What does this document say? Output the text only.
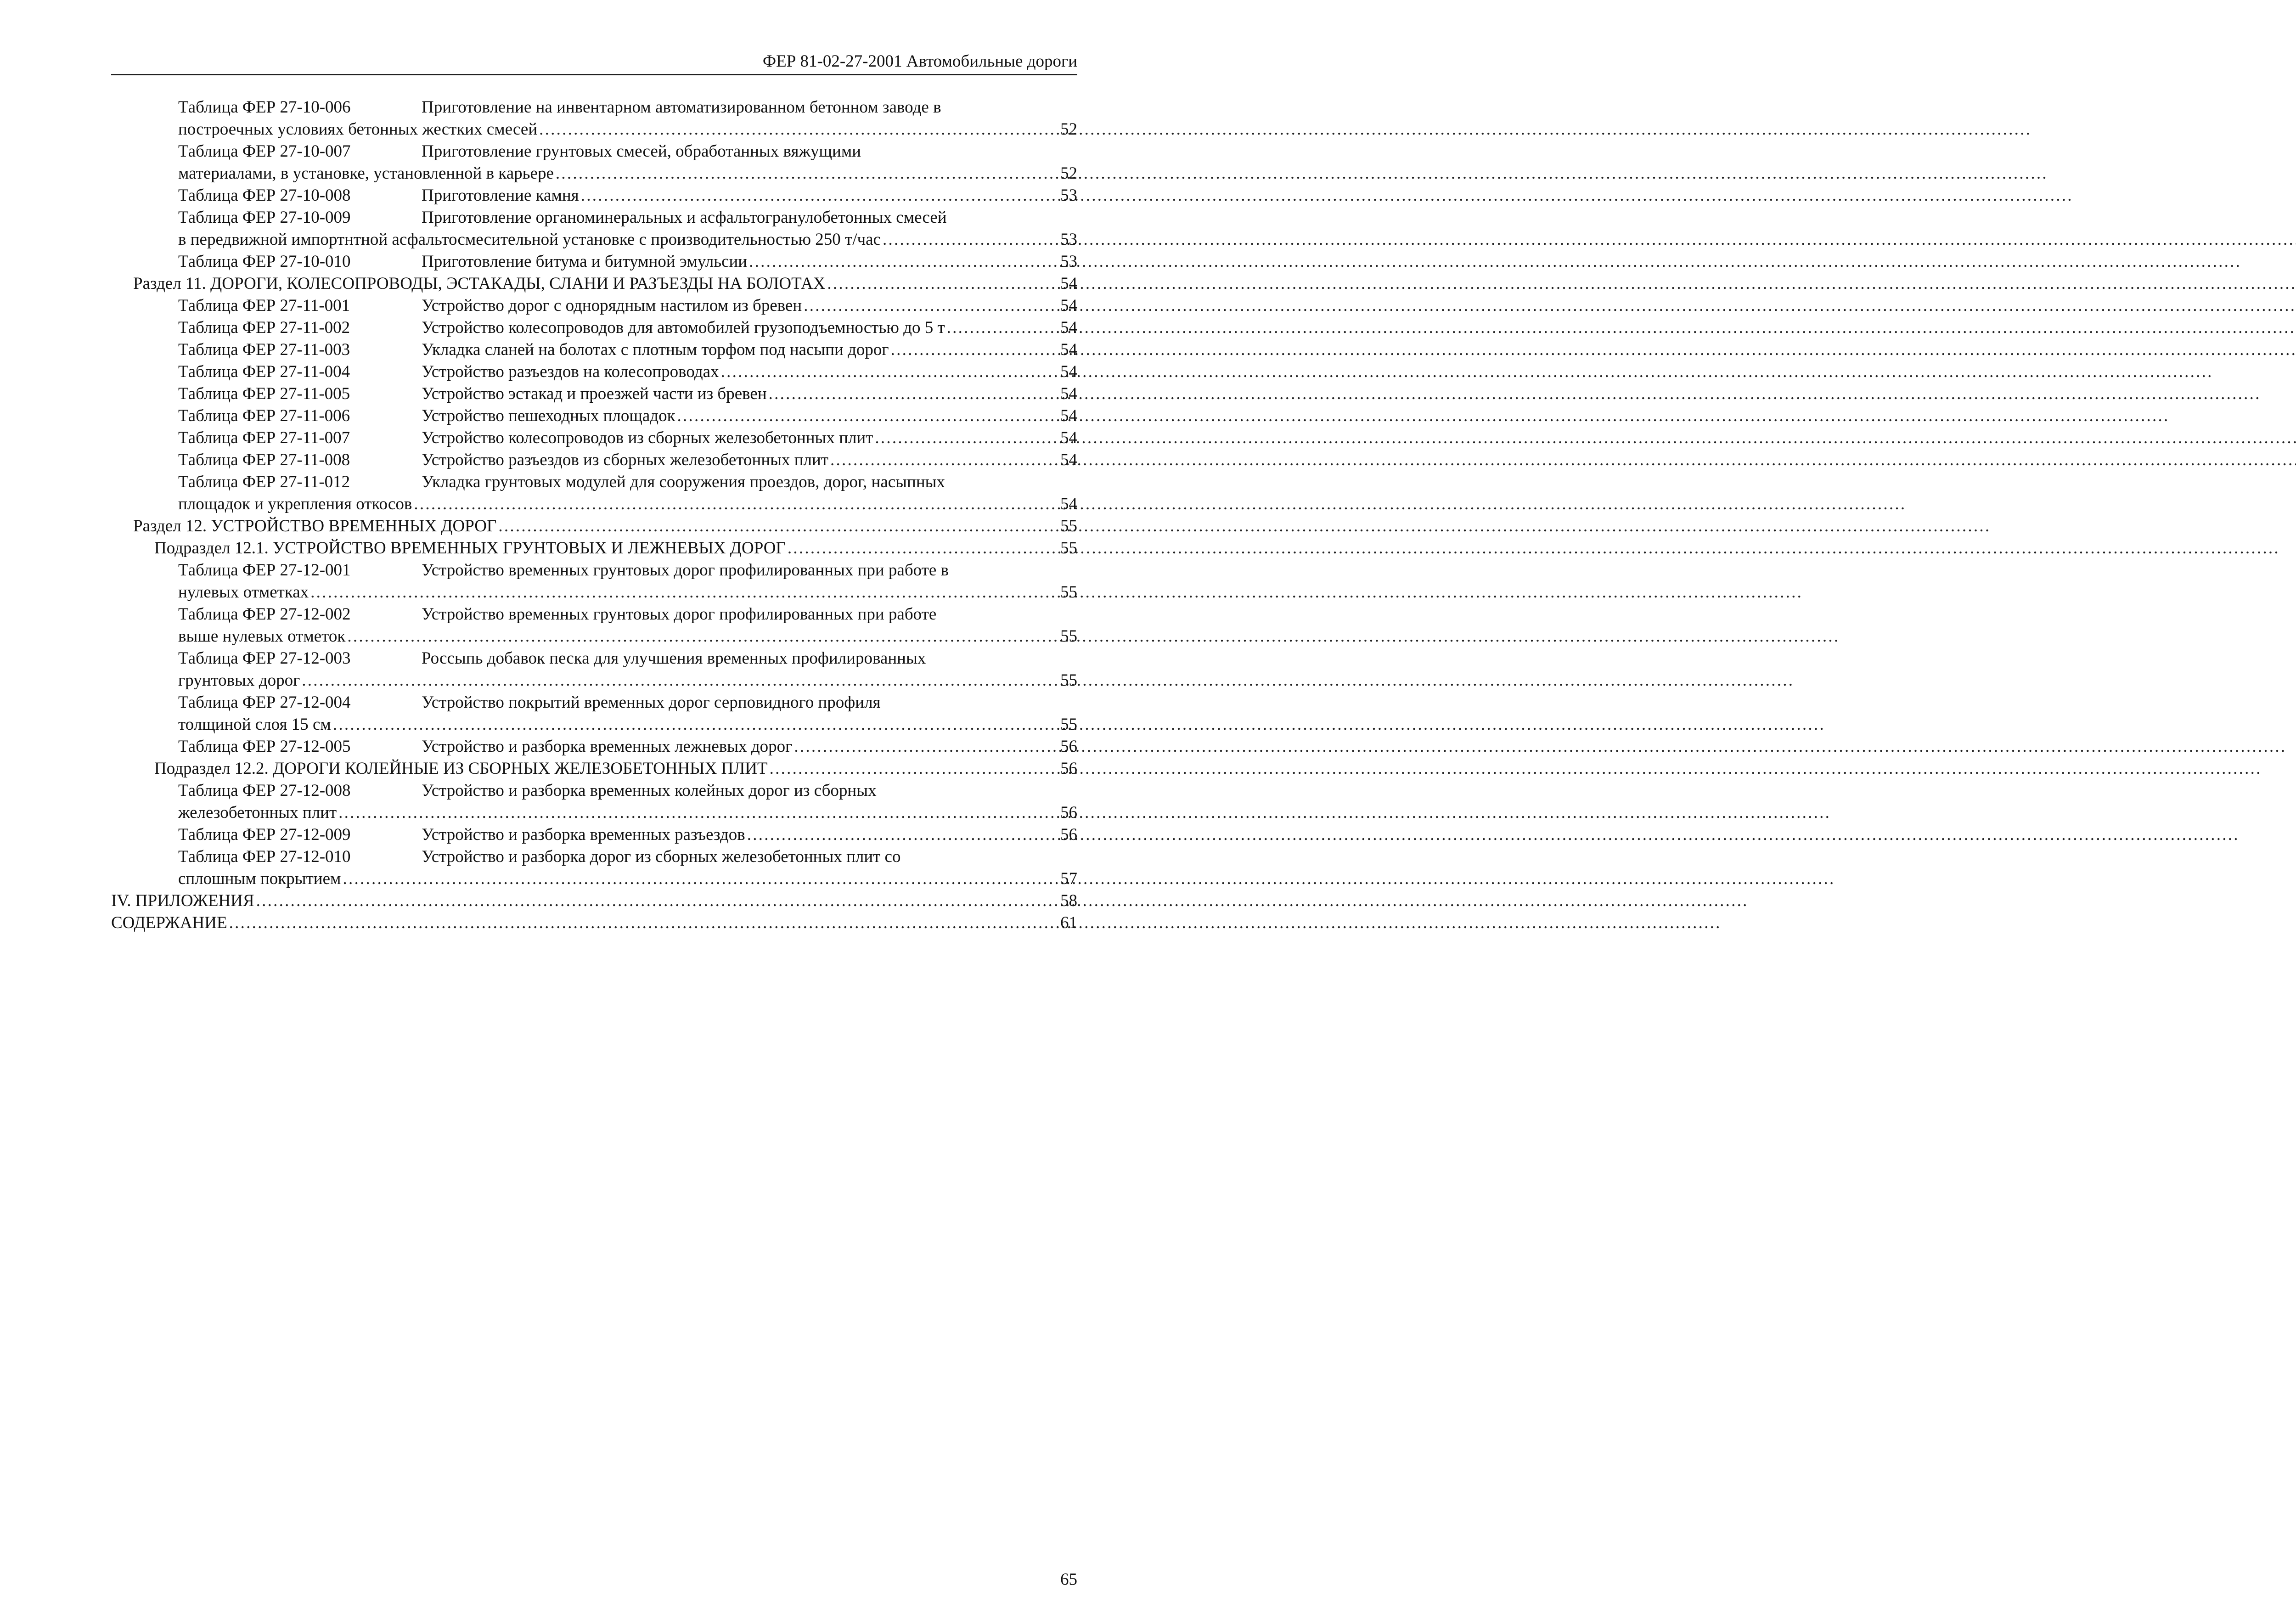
ФЕР 81-02-27-2001 Автомобильные дороги
Таблица ФЕР 27-10-006	Приготовление на инвентарном автоматизированном бетонном заводе в
построечных условиях бетонных жестких смесей . . .	52
Таблица ФЕР 27-10-007	Приготовление грунтовых смесей, обработанных вяжущими
материалами, в установке, установленной в карьере . . .	52
Таблица ФЕР 27-10-008	Приготовление камня . . .	53
Таблица ФЕР 27-10-009	Приготовление органоминеральных и асфальтогранулобетонных смесей
в передвижной импортнтной асфальтосмесительной установке с производительностью 250 т/час . . .	53
Таблица ФЕР 27-10-010	Приготовление битума и битумной эмульсии . . .	53
Раздел 11. ДОРОГИ, КОЛЕСОПРОВОДЫ, ЭСТАКАДЫ, СЛАНИ И РАЗЪЕЗДЫ НА БОЛОТАХ . . .	54
Таблица ФЕР 27-11-001	Устройство дорог с однорядным настилом из бревен . . .	54
Таблица ФЕР 27-11-002	Устройство колесопроводов для автомобилей грузоподъемностью до 5 т . . .	54
Таблица ФЕР 27-11-003	Укладка сланей на болотах с плотным торфом под насыпи дорог . . .	54
Таблица ФЕР 27-11-004	Устройство разъездов на колесопроводах . . .	54
Таблица ФЕР 27-11-005	Устройство эстакад и проезжей части из бревен . . .	54
Таблица ФЕР 27-11-006	Устройство пешеходных площадок . . .	54
Таблица ФЕР 27-11-007	Устройство колесопроводов из сборных железобетонных плит . . .	54
Таблица ФЕР 27-11-008	Устройство разъездов из сборных железобетонных плит . . .	54
Таблица ФЕР 27-11-012	Укладка грунтовых модулей для сооружения проездов, дорог, насыпных
площадок и укрепления откосов . . .	54
Раздел 12. УСТРОЙСТВО ВРЕМЕННЫХ ДОРОГ . . .	55
Подраздел 12.1. УСТРОЙСТВО ВРЕМЕННЫХ ГРУНТОВЫХ И ЛЕЖНЕВЫХ ДОРОГ . . .	55
Таблица ФЕР 27-12-001	Устройство временных грунтовых дорог профилированных при работе в
нулевых отметках . . .	55
Таблица ФЕР 27-12-002	Устройство временных грунтовых дорог профилированных при работе
выше нулевых отметок . . .	55
Таблица ФЕР 27-12-003	Россыпь добавок песка для улучшения временных профилированных
грунтовых дорог . . .	55
Таблица ФЕР 27-12-004	Устройство покрытий временных дорог серповидного профиля
толщиной слоя 15 см . . .	55
Таблица ФЕР 27-12-005	Устройство и разборка временных лежневых дорог . . .	56
Подраздел 12.2. ДОРОГИ КОЛЕЙНЫЕ ИЗ СБОРНЫХ ЖЕЛЕЗОБЕТОННЫХ ПЛИТ . . .	56
Таблица ФЕР 27-12-008	Устройство и разборка временных колейных дорог из сборных
железобетонных плит . . .	56
Таблица ФЕР 27-12-009	Устройство и разборка временных разъездов . . .	56
Таблица ФЕР 27-12-010	Устройство и разборка дорог из сборных железобетонных плит со
сплошным покрытием . . .	57
IV. ПРИЛОЖЕНИЯ . . .	58
СОДЕРЖАНИЕ . . .	61
65
